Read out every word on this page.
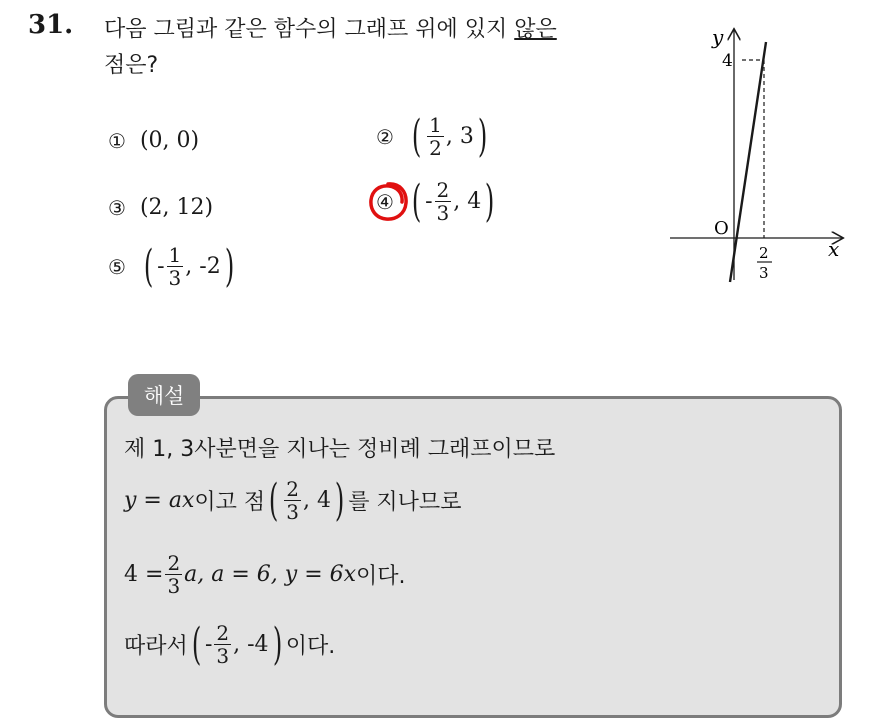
31. 다음 그림과 같은 함수의 그래프 위에 있지 않은
점은?
① (0, 0)	② ( $\frac{1}{2}$ , 3 )
③ (2, 12)	④ ( - $\frac{2}{3}$ , 4 )
⑤ ( - $\frac{1}{3}$ , -2 )
y
x
O
4
2
3
해설
제 1, 3사분면을 지나는 정비례 그래프이므로
y = ax 이고 점 ( $\frac{2}{3}$ , 4 ) 를 지나므로
$4 = \frac{2}{3} a$, a = 6, y = 6x 이다.
따라서 ( - $\frac{2}{3}$ , -4 ) 이다.
